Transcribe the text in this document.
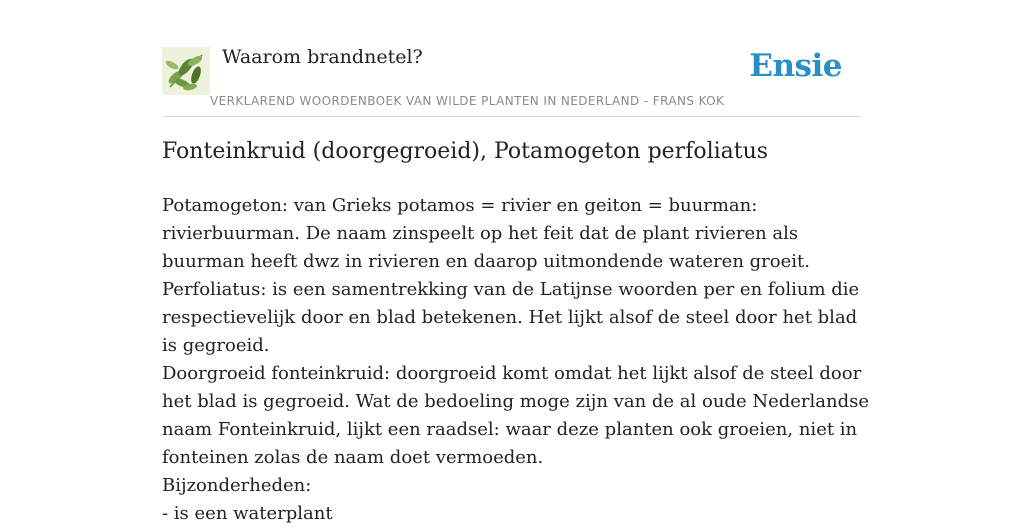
Waarom brandnetel?
VERKLAREND WOORDENBOEK VAN WILDE PLANTEN IN NEDERLAND - FRANS KOK
Ensie
Fonteinkruid (doorgegroeid), Potamogeton perfoliatus

Potamogeton: van Grieks potamos = rivier en geiton = buurman: rivierbuurman. De naam zinspeelt op het feit dat de plant rivieren als buurman heeft dwz in rivieren en daarop uitmondende wateren groeit.

Perfoliatus: is een samentrekking van de Latijnse woorden per en folium die respectievelijk door en blad betekenen. Het lijkt alsof de steel door het blad is gegroeid.

Doorgroeid fonteinkruid: doorgroeid komt omdat het lijkt alsof de steel door het blad is gegroeid. Wat de bedoeling moge zijn van de al oude Nederlandse naam Fonteinkruid, lijkt een raadsel: waar deze planten ook groeien, niet in fonteinen zolas de naam doet vermoeden.

Bijzonderheden:

- is een waterplant
